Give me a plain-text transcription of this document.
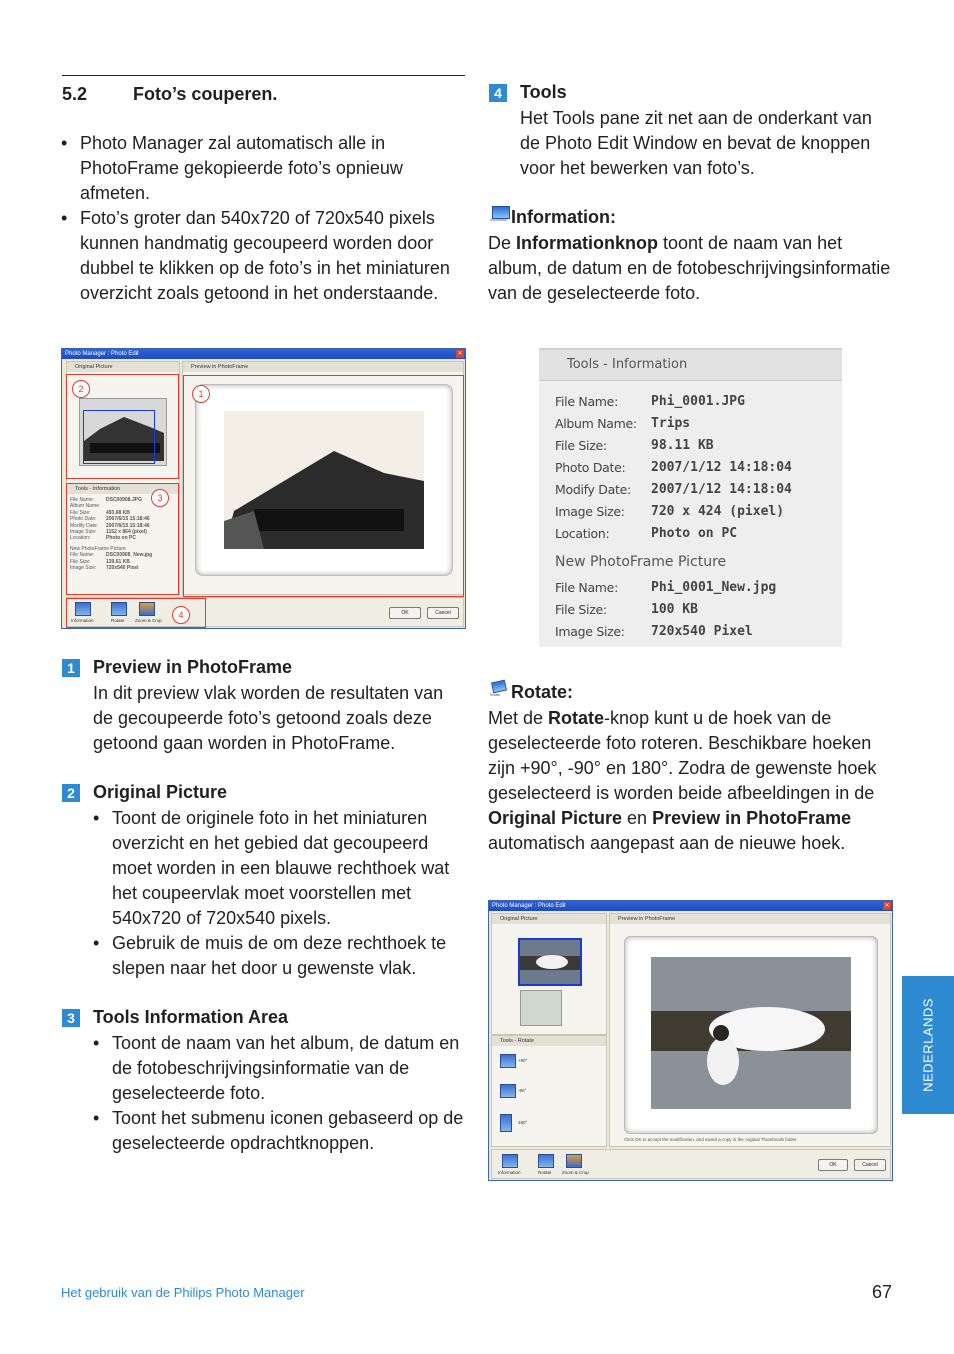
5.2	Foto’s couperen.
• Photo Manager zal automatisch alle in PhotoFrame gekopieerde foto’s opnieuw afmeten.
• Foto’s groter dan 540x720 of 720x540 pixels kunnen handmatig gecoupeerd worden door dubbel te klikken op de foto’s in het miniaturen overzicht zoals getoond in het onderstaande.
Photo Manager : Photo Edit	✕
Original Picture
Tools - Information
File Name: DSC00908.JPG
Album Name:
File Size:	493.68 KB
Photo Date: 2007/6/15 15:18:46
Modify Date: 2007/6/15 15:18:46
Image Size: 1152 x 864 (pixel)
Location:	Photo on PC
New PhotoFrame Picture
File Name: DSC00908_New.jpg
File Size:	139.61 KB
Image Size: 720x540 Pixel
Preview in PhotoFrame
Information	Rotate Zoom & Crop
OK	Cancel
1
2
3
4
1 Preview in PhotoFrame
In dit preview vlak worden de resultaten van de gecoupeerde foto’s getoond zoals deze getoond gaan worden in PhotoFrame.
2 Original Picture
• Toont de originele foto in het miniaturen overzicht en het gebied dat gecoupeerd moet worden in een blauwe rechthoek wat het coupeervlak moet voorstellen met 540x720 of 720x540 pixels.
• Gebruik de muis de om deze rechthoek te slepen naar het door u gewenste vlak.
3 Tools Information Area
• Toont de naam van het album, de datum en de fotobeschrijvingsinformatie van de geselecteerde foto.
• Toont het submenu iconen gebaseerd op de geselecteerde opdrachtknoppen.
4 Tools
Het Tools pane zit net aan de onderkant van de Photo Edit Window en bevat de knoppen voor het bewerken van foto’s.
Information Information:
De Informationknop toont de naam van het album, de datum en de fotobeschrijvingsinformatie van de geselecteerde foto.
Tools - Information
File Name:	Phi_0001.JPG
Album Name: Trips
File Size:	98.11 KB
Photo Date: 2007/1/12 14:18:04
Modify Date: 2007/1/12 14:18:04
Image Size: 720 x 424 (pixel)
Location:	Photo on PC
New PhotoFrame Picture
File Name:	Phi_0001_New.jpg
File Size:	100 KB
Image Size: 720x540 Pixel
Rotate Rotate:
Met de Rotate-knop kunt u de hoek van de geselecteerde foto roteren. Beschikbare hoeken zijn +90°, -90° en 180°. Zodra de gewenste hoek geselecteerd is worden beide afbeeldingen in de Original Picture en Preview in PhotoFrame automatisch aangepast aan de nieuwe hoek.
Photo Manager : Photo Edit	✕
Original Picture
Tools - Rotate
+90°
-90°
180°
Preview in PhotoFrame
Click OK to accept the modification, and saved a copy in the original Thumbnails folder.
Information	Rotate Zoom & Crop
OK	Cancel
NEDERLANDS
Het gebruik van de Philips Photo Manager	67
